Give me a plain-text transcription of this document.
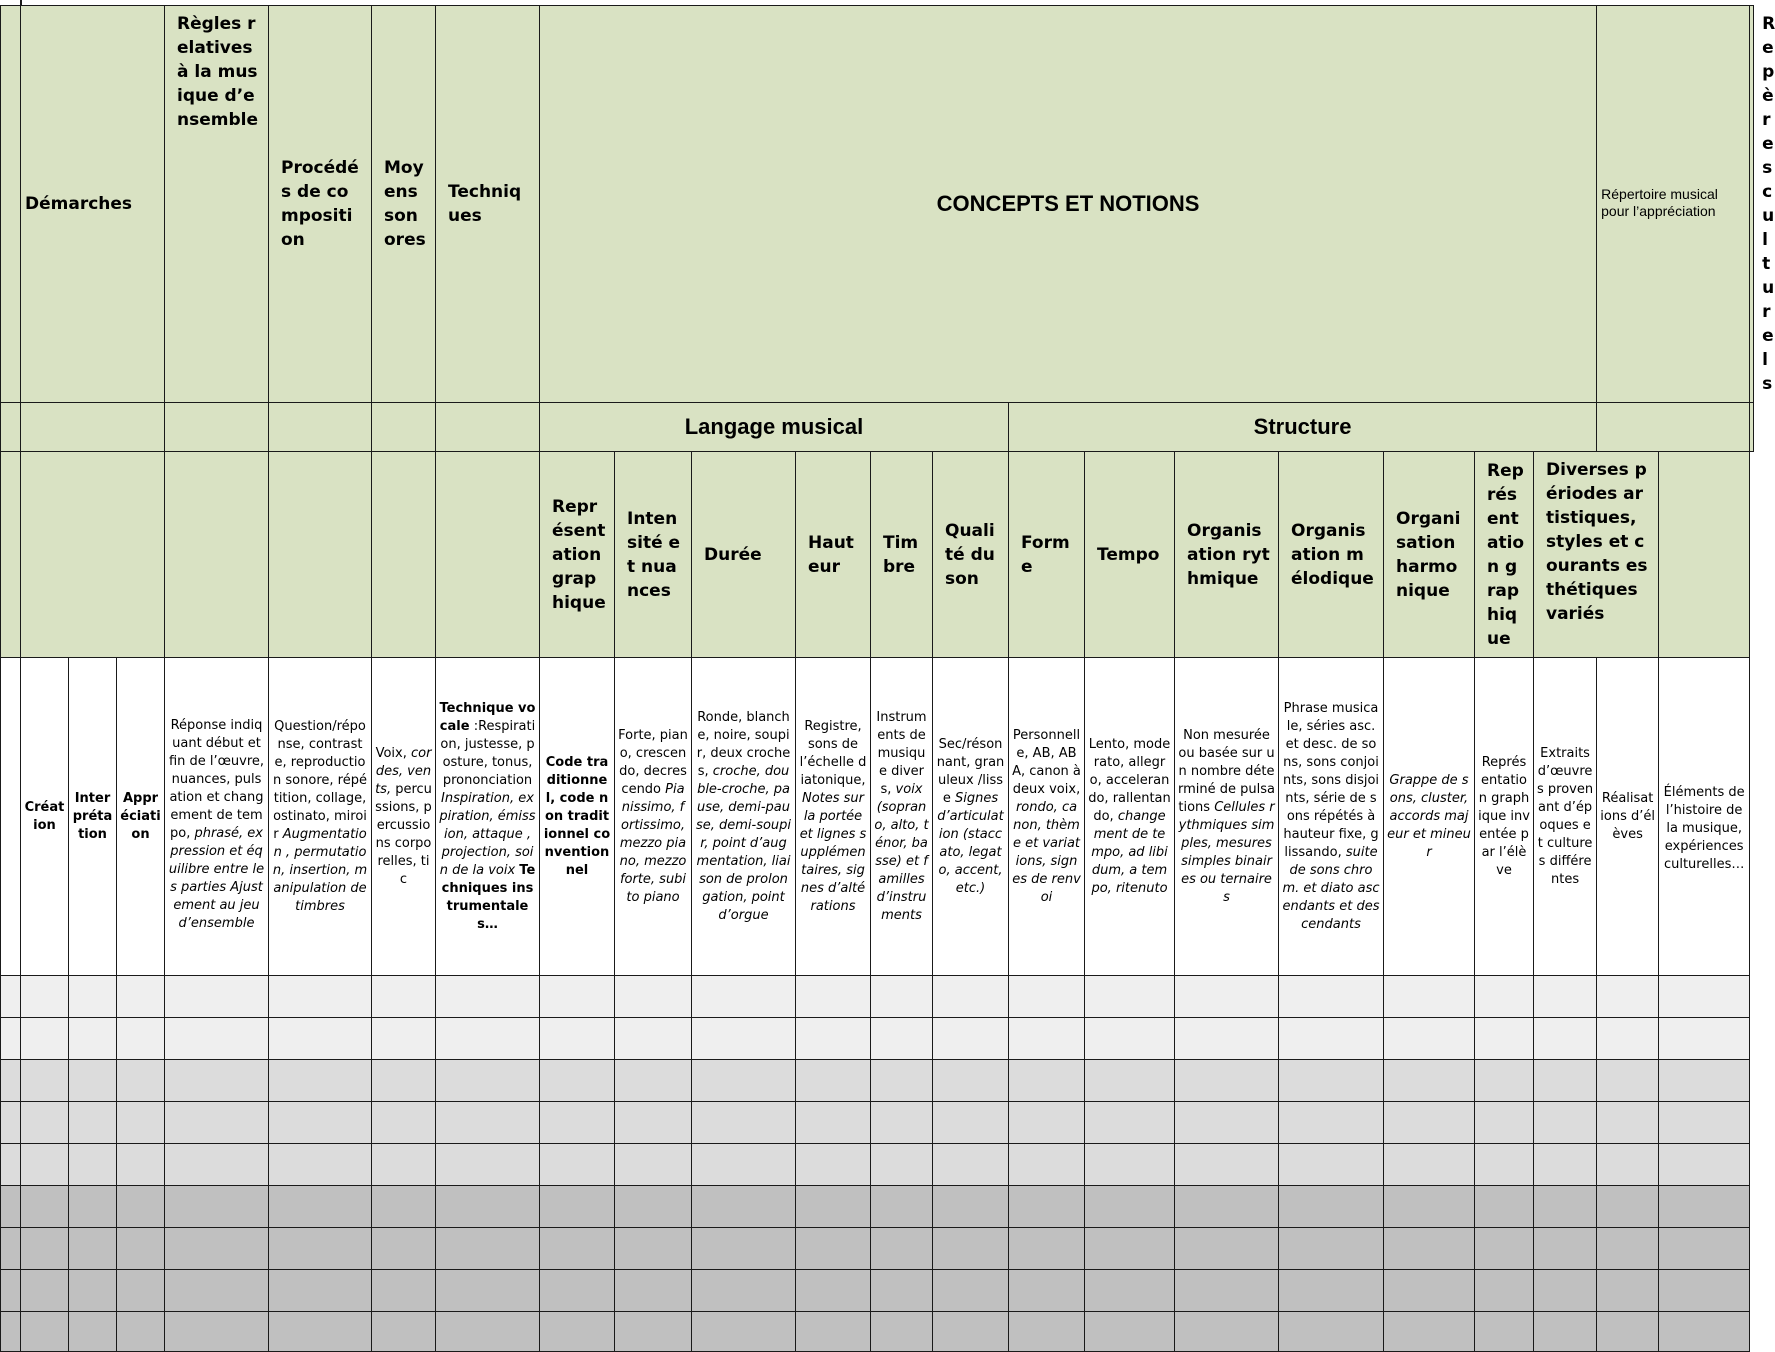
	Démarches			Règles relatives à la musique d’ensemble	Procédés de composition	Moyens sonores	Techniques	CONCEPTS ET NOTIONS													Répertoire musical pour l’appréciation		Repères culturels
								Langage musical						Structure									
								Représentation graphique	Intensité et nuances	Durée	Hauteur	Timbre	Qualité du son	Forme	Tempo	Organisation rythmique	Organisation mélodique	Organisation harmonique	Représentation graphique	Diverses périodes artistiques, styles et courants esthétiques variés			
	Création	Interprétation	Appréciation	Réponse indiquant début et fin de l’œuvre, nuances, pulsation et changement de tempo, phrasé, expression et équilibre entre les parties Ajustement au jeu d’ensemble	Question/réponse, contraste, reproduction sonore, répétition, collage, ostinato, miroir Augmentation , permutation, insertion, manipulation de timbres	Voix, cordes, vents, percussions, percussions corporelles, tic	Technique vocale :Respiration, justesse, posture, tonus, prononciation Inspiration, expiration, émission, attaque , projection, soin de la voix Techniques instrumentales…	Code traditionnel, code non traditionnel conventionnel	Forte, piano, crescendo, decrescendo Pianissimo, fortissimo, mezzo piano, mezzo forte, subito piano	Ronde, blanche, noire, soupir, deux croches, croche, double-croche, pause, demi-pause, demi-soupir, point d’augmentation, liaison de prolongation, point d’orgue	Registre, sons de l’échelle diatonique, Notes sur la portée et lignes supplémentaires, signes d’altérations	Instruments de musique divers, voix (soprano, alto, ténor, basse) et familles d’instruments	Sec/résonnant, granuleux /lisse Signes d’articulation (staccato, legato, accent, etc.)	Personnelle, AB, ABA, canon à deux voix, rondo, canon, thème et variations, signes de renvoi	Lento, moderato, allegro, accelerando, rallentando, changement de tempo, ad libidum, a tempo, ritenuto	Non mesurée ou basée sur un nombre déterminé de pulsations Cellules rythmiques simples, mesures simples binaires ou ternaires	Phrase musicale, séries asc. et desc. de sons, sons conjoints, sons disjoints, série de sons répétés à hauteur fixe, glissando, suite de sons chrom. et diato ascendants et descendants	Grappe de sons, cluster, accords majeur et mineur	Représentation graphique inventée par l’élève	Extraits d’œuvres provenant d’époques et cultures différentes	Réalisations d’élèves	Éléments de l’histoire de la musique, expériences culturelles…	
